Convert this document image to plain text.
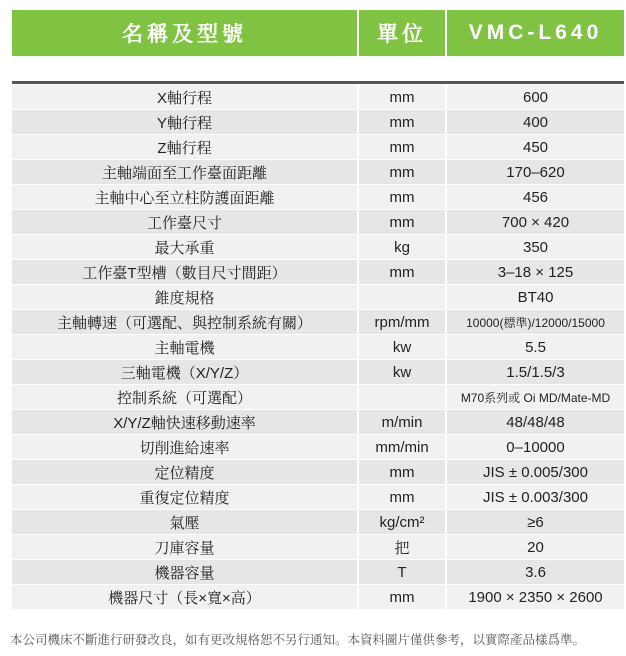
名稱及型號	單位	VMC-L640

X軸行程	mm	600
Y軸行程	mm	400
Z軸行程	mm	450
主軸端面至工作臺面距離	mm	170–620
主軸中心至立柱防護面距離	mm	456
工作臺尺寸	mm	700 × 420
最大承重	kg	350
工作臺T型槽（數目尺寸間距）	mm	3–18 × 125
錐度規格		BT40
主軸轉速（可選配、與控制系統有關）	rpm/mm	10000(標準)/12000/15000
主軸電機	kw	5.5
三軸電機（X/Y/Z）	kw	1.5/1.5/3
控制系統（可選配）		M70系列或 Oi MD/Mate-MD
X/Y/Z軸快速移動速率	m/min	48/48/48
切削進給速率	mm/min	0–10000
定位精度	mm	JIS ± 0.005/300
重復定位精度	mm	JIS ± 0.003/300
氣壓	kg/cm²	≥6
刀庫容量	把	20
機器容量	T	3.6
機器尺寸（長×寬×高）	mm	1900 × 2350 × 2600
本公司機床不斷進行研發改良，如有更改規格恕不另行通知。本資料圖片僅供參考，以實際產品樣爲準。
